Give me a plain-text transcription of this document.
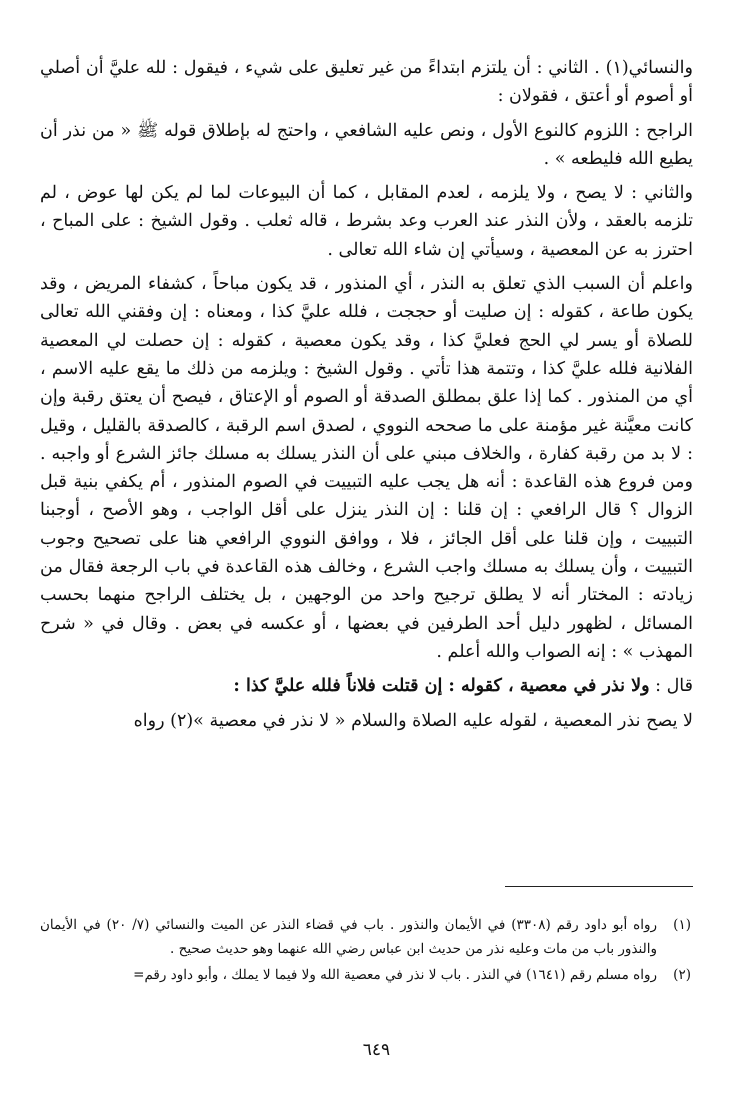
والنسائي(١) . الثاني : أن يلتزم ابتداءً من غير تعليق على شيء ، فيقول : لله عليَّ أن أصلي أو أصوم أو أعتق ، فقولان :

الراجح : اللزوم كالنوع الأول ، ونص عليه الشافعي ، واحتج له بإطلاق قوله ﷺ « من نذر أن يطيع الله فليطعه » .

والثاني : لا يصح ، ولا يلزمه ، لعدم المقابل ، كما أن البيوعات لما لم يكن لها عوض ، لم تلزمه بالعقد ، ولأن النذر عند العرب وعد بشرط ، قاله ثعلب . وقول الشيخ : على المباح ، احترز به عن المعصية ، وسيأتي إن شاء الله تعالى .

واعلم أن السبب الذي تعلق به النذر ، أي المنذور ، قد يكون مباحاً ، كشفاء المريض ، وقد يكون طاعة ، كقوله : إن صليت أو حججت ، فلله عليَّ كذا ، ومعناه : إن وفقني الله تعالى للصلاة أو يسر لي الحج فعليَّ كذا ، وقد يكون معصية ، كقوله : إن حصلت لي المعصية الفلانية فلله عليَّ كذا ، وتتمة هذا تأتي . وقول الشيخ : ويلزمه من ذلك ما يقع عليه الاسم ، أي من المنذور . كما إذا علق بمطلق الصدقة أو الصوم أو الإعتاق ، فيصح أن يعتق رقبة وإن كانت معيَّنة غير مؤمنة على ما صححه النووي ، لصدق اسم الرقبة ، كالصدقة بالقليل ، وقيل : لا بد من رقبة كفارة ، والخلاف مبني على أن النذر يسلك به مسلك جائز الشرع أو واجبه . ومن فروع هذه القاعدة : أنه هل يجب عليه التبييت في الصوم المنذور ، أم يكفي بنية قبل الزوال ؟ قال الرافعي : إن قلنا : إن النذر ينزل على أقل الواجب ، وهو الأصح ، أوجبنا التبييت ، وإن قلنا على أقل الجائز ، فلا ، ووافق النووي الرافعي هنا على تصحيح وجوب التبييت ، وأن يسلك به مسلك واجب الشرع ، وخالف هذه القاعدة في باب الرجعة فقال من زيادته : المختار أنه لا يطلق ترجيح واحد من الوجهين ، بل يختلف الراجح منهما بحسب المسائل ، لظهور دليل أحد الطرفين في بعضها ، أو عكسه في بعض . وقال في « شرح المهذب » : إنه الصواب والله أعلم .

قال : ولا نذر في معصية ، كقوله : إن قتلت فلاناً فلله عليَّ كذا :

لا يصح نذر المعصية ، لقوله عليه الصلاة والسلام « لا نذر في معصية »(٢) رواه

(١)
رواه أبو داود رقم (٣٣٠٨) في الأيمان والنذور . باب في قضاء النذر عن الميت والنسائي (٧/ ٢٠) في الأيمان والنذور باب من مات وعليه نذر من حديث ابن عباس رضي الله عنهما وهو حديث صحيح .
(٢)
رواه مسلم رقم (١٦٤١) في النذر . باب لا نذر في معصية الله ولا فيما لا يملك ، وأبو داود رقم=
٦٤٩
